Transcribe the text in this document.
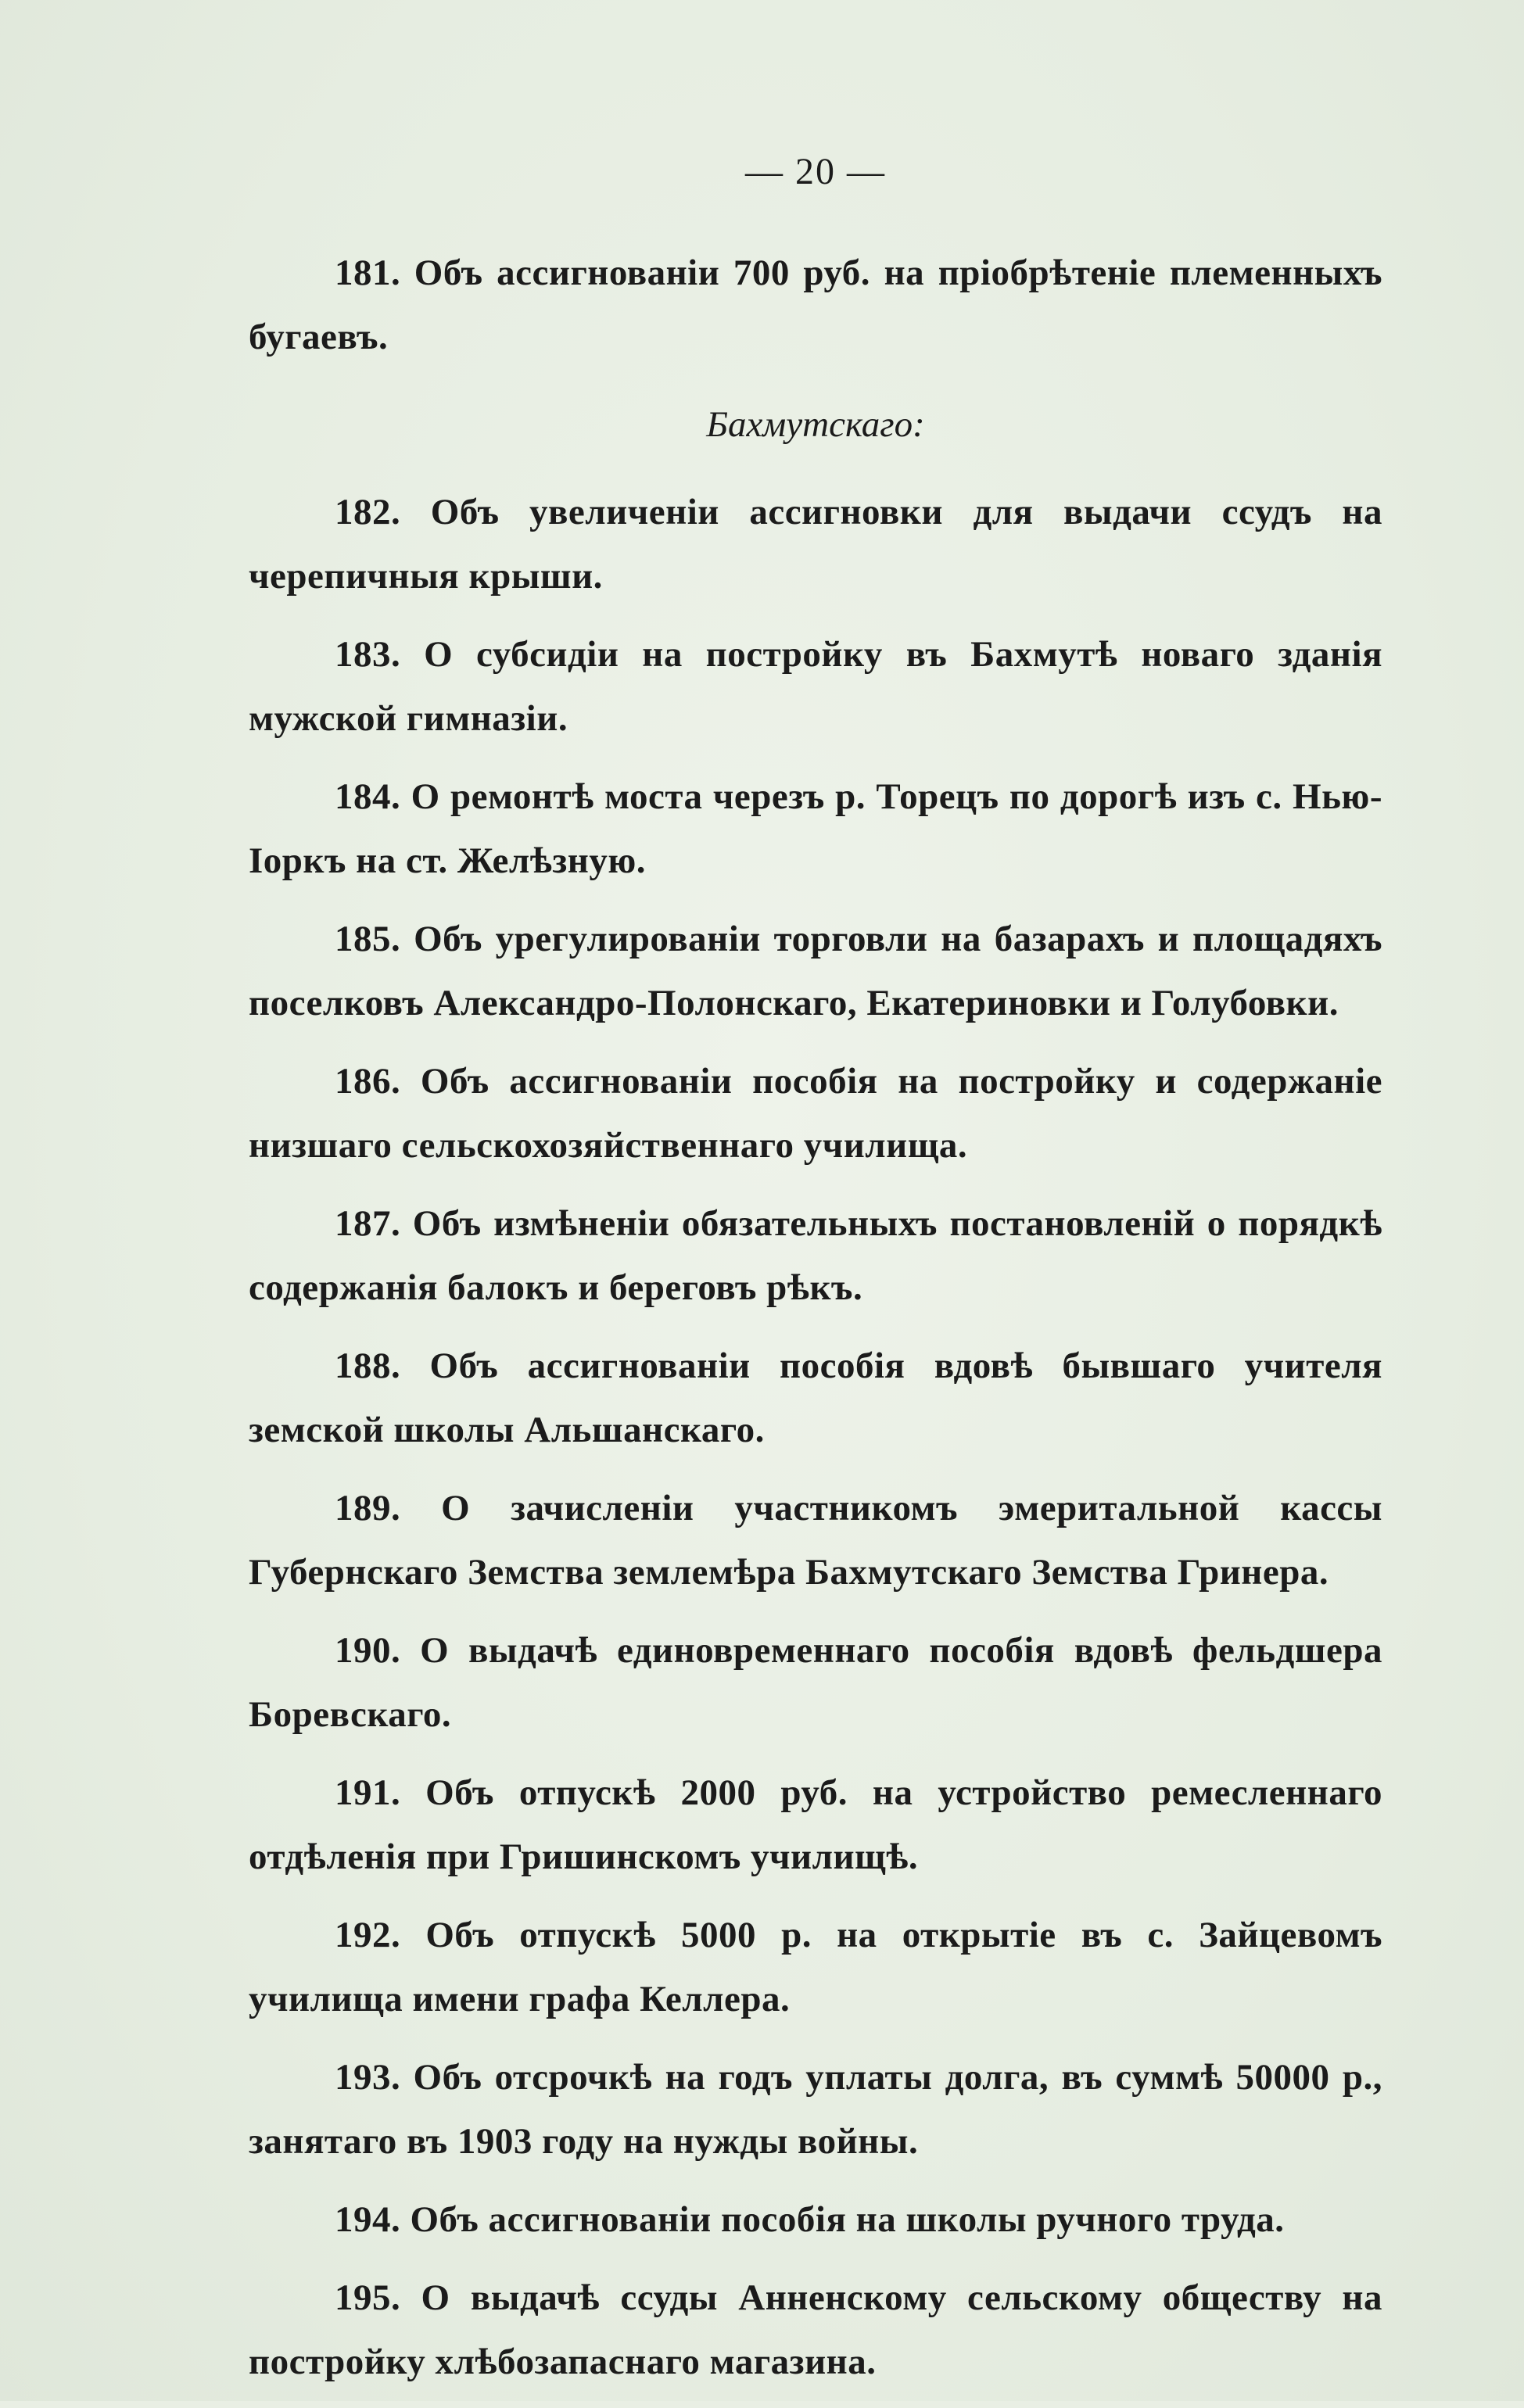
— 20 —

181. Объ ассигнованіи 700 руб. на пріобрѣтеніе племенныхъ бугаевъ.

Бахмутскаго:

182. Объ увеличеніи ассигновки для выдачи ссудъ на черепичныя крыши.

183. О субсидіи на постройку въ Бахмутѣ новаго зданія мужской гимназіи.

184. О ремонтѣ моста черезъ р. Торецъ по дорогѣ изъ с. Нью-Іоркъ на ст. Желѣзную.

185. Объ урегулированіи торговли на базарахъ и площадяхъ поселковъ Александро-Полонскаго, Екатериновки и Голубовки.

186. Объ ассигнованіи пособія на постройку и содержаніе низшаго сельскохозяйственнаго училища.

187. Объ измѣненіи обязательныхъ постановленій о порядкѣ содержанія балокъ и береговъ рѣкъ.

188. Объ ассигнованіи пособія вдовѣ бывшаго учителя земской школы Альшанскаго.

189. О зачисленіи участникомъ эмеритальной кассы Губернскаго Земства землемѣра Бахмутскаго Земства Гринера.

190. О выдачѣ единовременнаго пособія вдовѣ фельдшера Боревскаго.

191. Объ отпускѣ 2000 руб. на устройство ремесленнаго отдѣленія при Гришинскомъ училищѣ.

192. Объ отпускѣ 5000 р. на открытіе въ с. Зайцевомъ училища имени графа Келлера.

193. Объ отсрочкѣ на годъ уплаты долга, въ суммѣ 50000 р., занятаго въ 1903 году на нужды войны.

194. Объ ассигнованіи пособія на школы ручного труда.

195. О выдачѣ ссуды Анненскому сельскому обществу на постройку хлѣбозапаснаго магазина.
